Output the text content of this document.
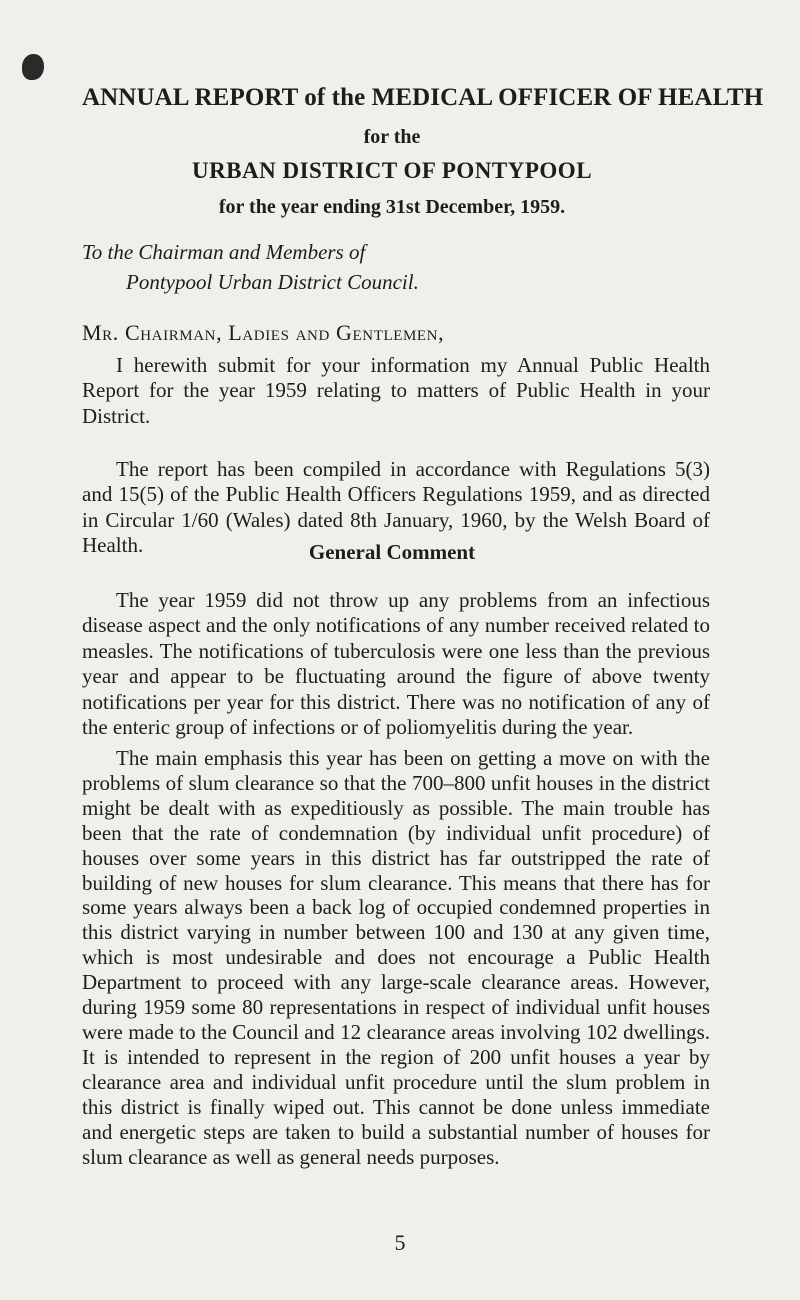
ANNUAL REPORT of the MEDICAL OFFICER OF HEALTH
for the
URBAN DISTRICT OF PONTYPOOL
for the year ending 31st December, 1959.
To the Chairman and Members of
Pontypool Urban District Council.
Mr. Chairman, Ladies and Gentlemen,

I herewith submit for your information my Annual Public Health Report for the year 1959 relating to matters of Public Health in your District.

The report has been compiled in accordance with Regulations 5(3) and 15(5) of the Public Health Officers Regulations 1959, and as directed in Circular 1/60 (Wales) dated 8th January, 1960, by the Welsh Board of Health.	General Comment

The year 1959 did not throw up any problems from an infectious disease aspect and the only notifications of any number received related to measles. The notifications of tuberculosis were one less than the previous year and appear to be fluctuating around the figure of above twenty notifications per year for this district. There was no notification of any of the enteric group of infections or of poliomyelitis during the year.

The main emphasis this year has been on getting a move on with the problems of slum clearance so that the 700–800 unfit houses in the district might be dealt with as expeditiously as possible. The main trouble has been that the rate of condemnation (by individual unfit procedure) of houses over some years in this district has far outstripped the rate of building of new houses for slum clearance. This means that there has for some years always been a back log of occupied condemned properties in this district varying in number between 100 and 130 at any given time, which is most undesirable and does not encourage a Public Health Department to proceed with any large-scale clearance areas. However, during 1959 some 80 representations in respect of individual unfit houses were made to the Council and 12 clearance areas involving 102 dwellings. It is intended to represent in the region of 200 unfit houses a year by clearance area and individual unfit procedure until the slum problem in this district is finally wiped out. This cannot be done unless immediate and energetic steps are taken to build a substantial number of houses for slum clearance as well as general needs purposes.

5
